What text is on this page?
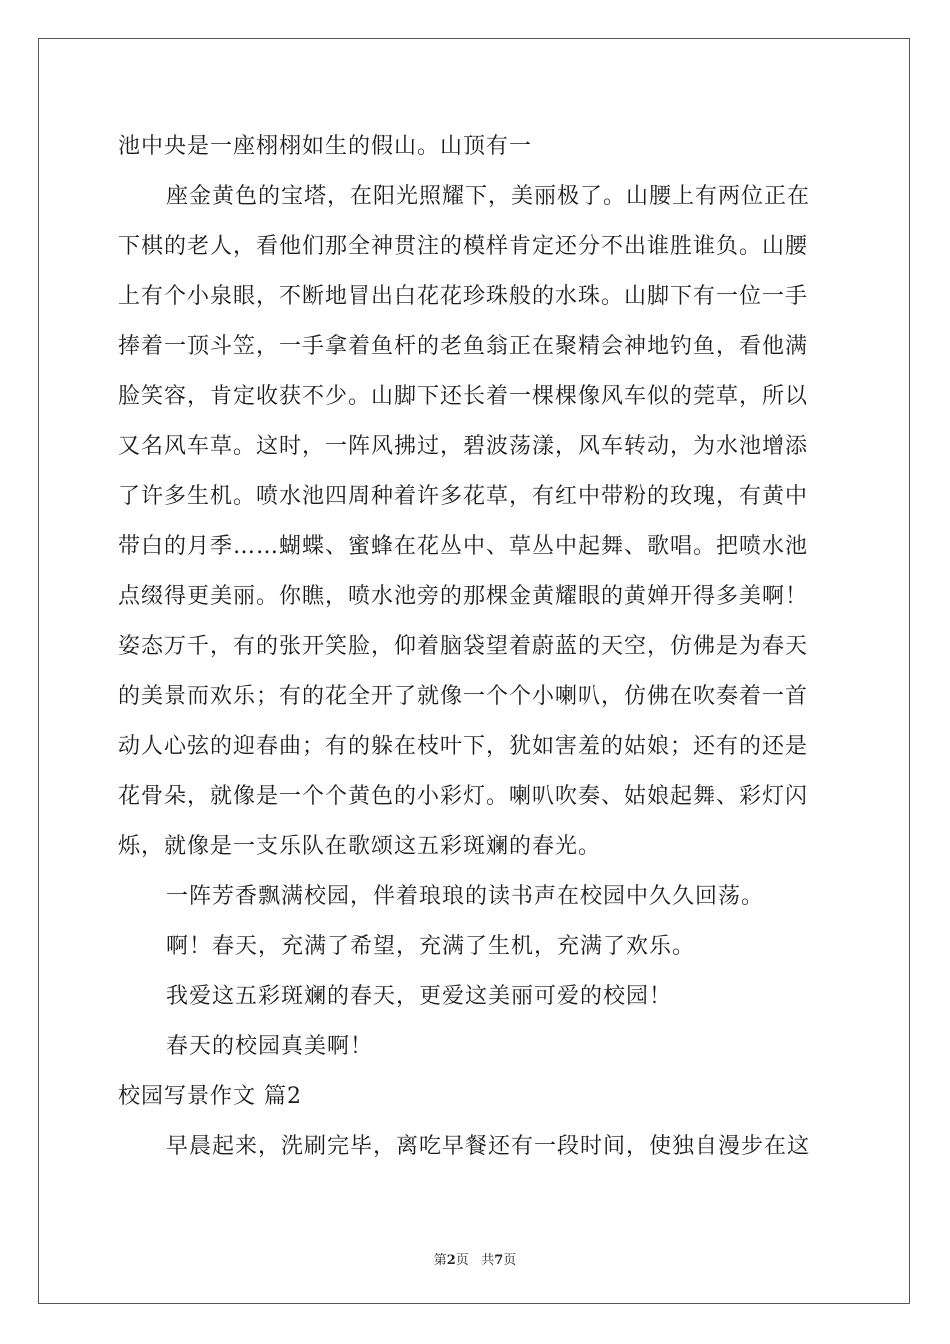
池中央是一座栩栩如生的假山。山顶有一
座金黄色的宝塔，在阳光照耀下，美丽极了。山腰上有两位正在
下棋的老人，看他们那全神贯注的模样肯定还分不出谁胜谁负。山腰
上有个小泉眼，不断地冒出白花花珍珠般的水珠。山脚下有一位一手
捧着一顶斗笠，一手拿着鱼杆的老鱼翁正在聚精会神地钓鱼，看他满
脸笑容，肯定收获不少。山脚下还长着一棵棵像风车似的莞草，所以
又名风车草。这时，一阵风拂过，碧波荡漾，风车转动，为水池增添
了许多生机。喷水池四周种着许多花草，有红中带粉的玫瑰，有黄中
带白的月季……蝴蝶、蜜蜂在花丛中、草丛中起舞、歌唱。把喷水池
点缀得更美丽。你瞧，喷水池旁的那棵金黄耀眼的黄婵开得多美啊！
姿态万千，有的张开笑脸，仰着脑袋望着蔚蓝的天空，仿佛是为春天
的美景而欢乐；有的花全开了就像一个个小喇叭，仿佛在吹奏着一首
动人心弦的迎春曲；有的躲在枝叶下，犹如害羞的姑娘；还有的还是
花骨朵，就像是一个个黄色的小彩灯。喇叭吹奏、姑娘起舞、彩灯闪
烁，就像是一支乐队在歌颂这五彩斑斓的春光。
一阵芳香飘满校园，伴着琅琅的读书声在校园中久久回荡。
啊！春天，充满了希望，充满了生机，充满了欢乐。
我爱这五彩斑斓的春天，更爱这美丽可爱的校园！
春天的校园真美啊！
校园写景作文 篇2
早晨起来，洗刷完毕，离吃早餐还有一段时间，使独自漫步在这
第2页 共7页
